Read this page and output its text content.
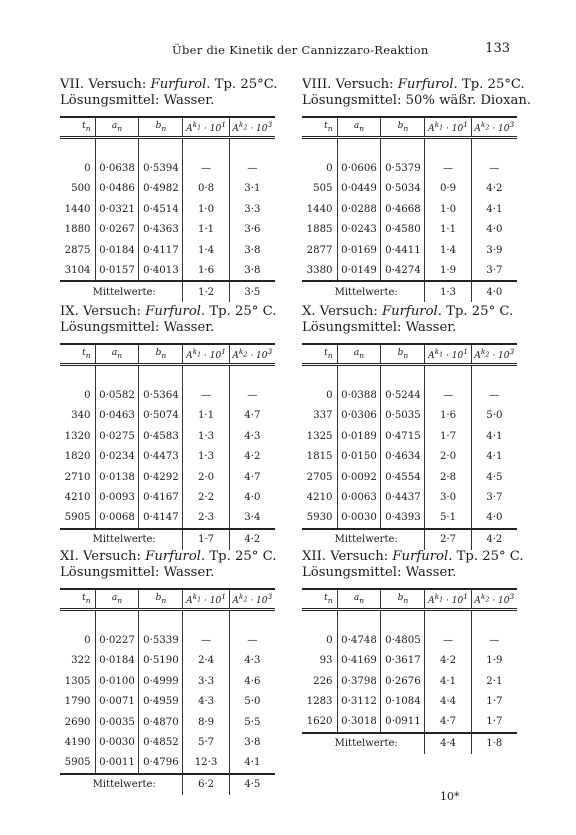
Über die Kinetik der Cannizzaro-Reaktion	133
VII. Versuch: Furfurol. Tp. 25°C.
Lösungsmittel: Wasser.
$t_n$	$a_n$	$b_n$	$A^{k_1} \cdot 10^1$	$A^{k_2} \cdot 10^3$

0	0·0638	0·5394	—	—
500	0·0486	0·4982	0·8	3·1
1440	0·0321	0·4514	1·0	3·3
1880	0·0267	0·4363	1·1	3·6
2875	0·0184	0·4117	1·4	3·8
3104	0·0157	0·4013	1·6	3·8
Mittelwerte:			1·2	3·5
VIII. Versuch: Furfurol. Tp. 25°C.
Lösungsmittel: 50% wäßr. Dioxan.
$t_n$	$a_n$	$b_n$	$A^{k_1} \cdot 10^1$	$A^{k_2} \cdot 10^3$

0	0·0606	0·5379	—	—
505	0·0449	0·5034	0·9	4·2
1440	0·0288	0·4668	1·0	4·1
1885	0·0243	0·4580	1·1	4·0
2877	0·0169	0·4411	1·4	3·9
3380	0·0149	0·4274	1·9	3·7
Mittelwerte:			1·3	4·0
IX. Versuch: Furfurol. Tp. 25° C.
Lösungsmittel: Wasser.
$t_n$	$a_n$	$b_n$	$A^{k_1} \cdot 10^1$	$A^{k_2} \cdot 10^3$

0	0·0582	0·5364	—	—
340	0·0463	0·5074	1·1	4·7
1320	0·0275	0·4583	1·3	4·3
1820	0·0234	0·4473	1·3	4·2
2710	0·0138	0·4292	2·0	4·7
4210	0·0093	0·4167	2·2	4·0
5905	0·0068	0·4147	2·3	3·4
Mittelwerte:			1·7	4·2
X. Versuch: Furfurol. Tp. 25° C.
Lösungsmittel: Wasser.
$t_n$	$a_n$	$b_n$	$A^{k_1} \cdot 10^1$	$A^{k_2} \cdot 10^3$

0	0·0388	0·5244	—	—
337	0·0306	0·5035	1·6	5·0
1325	0·0189	0·4715	1·7	4·1
1815	0·0150	0·4634	2·0	4·1
2705	0·0092	0·4554	2·8	4·5
4210	0·0063	0·4437	3·0	3·7
5930	0·0030	0·4393	5·1	4·0
Mittelwerte:			2·7	4·2
XI. Versuch: Furfurol. Tp. 25° C.
Lösungsmittel: Wasser.
$t_n$	$a_n$	$b_n$	$A^{k_1} \cdot 10^1$	$A^{k_2} \cdot 10^3$

0	0·0227	0·5339	—	—
322	0·0184	0·5190	2·4	4·3
1305	0·0100	0·4999	3·3	4·6
1790	0·0071	0·4959	4·3	5·0
2690	0·0035	0·4870	8·9	5·5
4190	0·0030	0·4852	5·7	3·8
5905	0·0011	0·4796	12·3	4·1
Mittelwerte:			6·2	4·5
XII. Versuch: Furfurol. Tp. 25° C.
Lösungsmittel: Wasser.
$t_n$	$a_n$	$b_n$	$A^{k_1} \cdot 10^1$	$A^{k_2} \cdot 10^3$

0	0·4748	0·4805	—	—
93	0·4169	0·3617	4·2	1·9
226	0·3798	0·2676	4·1	2·1
1283	0·3112	0·1084	4·4	1·7
1620	0·3018	0·0911	4·7	1·7
Mittelwerte:			4·4	1·8
10*
